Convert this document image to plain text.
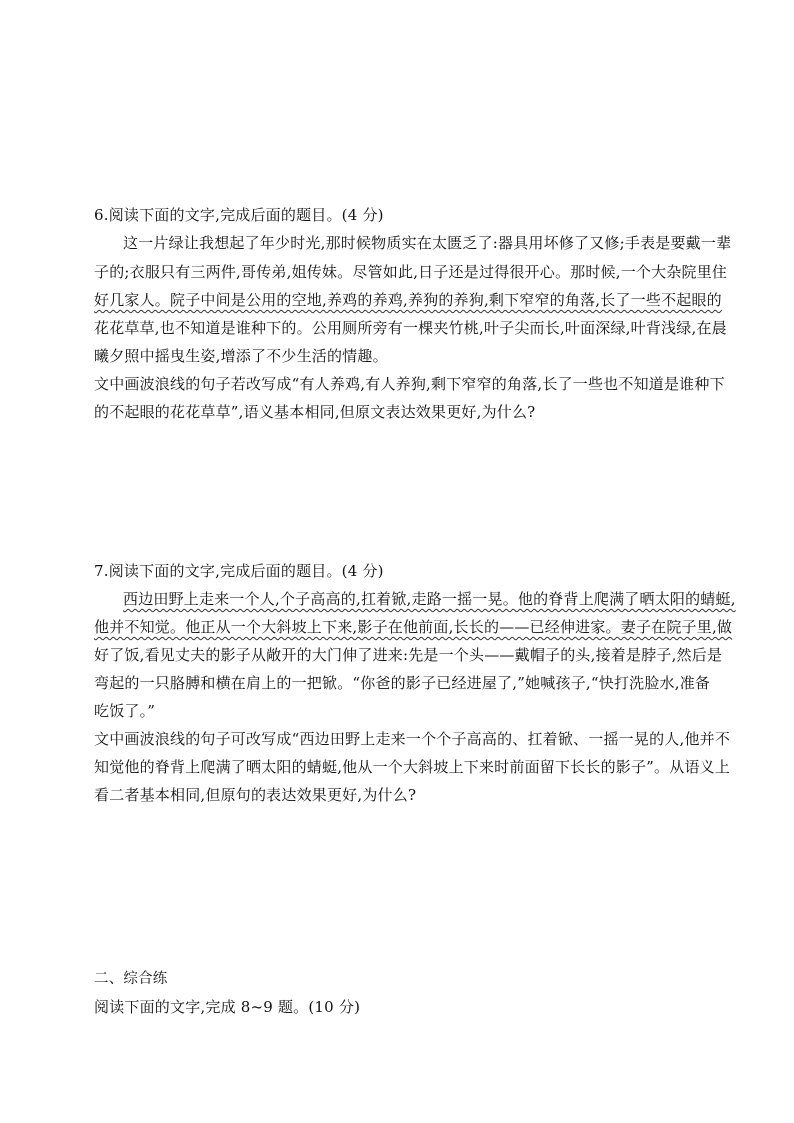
6.阅读下面的文字,完成后面的题目。(4 分)
这一片绿让我想起了年少时光,那时候物质实在太匮乏了:器具用坏修了又修;手表是要戴一辈
子的;衣服只有三两件,哥传弟,姐传妹。尽管如此,日子还是过得很开心。那时候,一个大杂院里住
好几家人。院子中间是公用的空地,养鸡的养鸡,养狗的养狗,剩下窄窄的角落,长了一些不起眼的
花花草草,也不知道是谁种下的。公用厕所旁有一棵夹竹桃,叶子尖而长,叶面深绿,叶背浅绿,在晨
曦夕照中摇曳生姿,增添了不少生活的情趣。
文中画波浪线的句子若改写成“有人养鸡,有人养狗,剩下窄窄的角落,长了一些也不知道是谁种下
的不起眼的花花草草”,语义基本相同,但原文表达效果更好,为什么?
7.阅读下面的文字,完成后面的题目。(4 分)
西边田野上走来一个人,个子高高的,扛着锨,走路一摇一晃。他的脊背上爬满了晒太阳的蜻蜓,
他并不知觉。他正从一个大斜坡上下来,影子在他前面,长长的——已经伸进家。妻子在院子里,做
好了饭,看见丈夫的影子从敞开的大门伸了进来:先是一个头——戴帽子的头,接着是脖子,然后是
弯起的一只胳膊和横在肩上的一把锨。“你爸的影子已经进屋了,”她喊孩子,“快打洗脸水,准备
吃饭了。”
文中画波浪线的句子可改写成“西边田野上走来一个个子高高的、扛着锨、一摇一晃的人,他并不
知觉他的脊背上爬满了晒太阳的蜻蜓,他从一个大斜坡上下来时前面留下长长的影子”。从语义上
看二者基本相同,但原句的表达效果更好,为什么?
二、综合练
阅读下面的文字,完成 8~9 题。(10 分)
